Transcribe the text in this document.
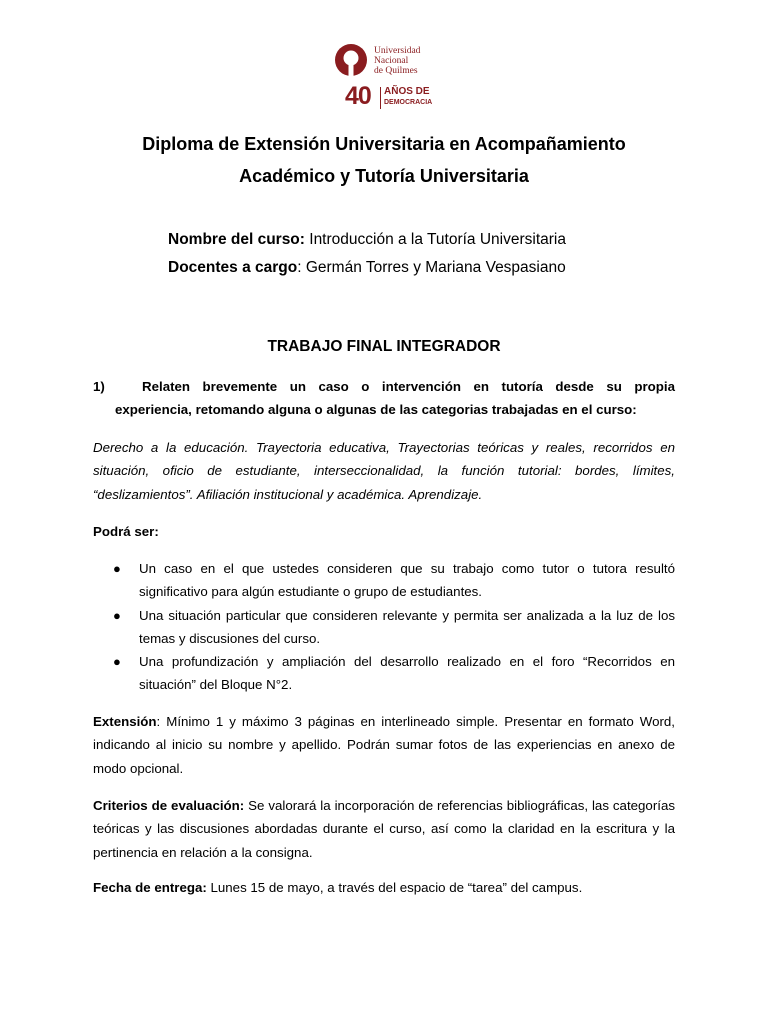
Universidad
Nacional
de Quilmes
40 AÑOS DE
DEMOCRACIA
Diploma de Extensión Universitaria en Acompañamiento
Académico y Tutoría Universitaria
Nombre del curso: Introducción a la Tutoría Universitaria
Docentes a cargo: Germán Torres y Mariana Vespasiano
TRABAJO FINAL INTEGRADOR
1)	Relaten brevemente un caso o intervención en tutoría desde su propia
experiencia, retomando alguna o algunas de las categorias trabajadas en el curso:
Derecho a la educación. Trayectoria educativa, Trayectorias teóricas y reales, recorridos en situación, oficio de estudiante, interseccionalidad, la función tutorial: bordes, límites, “deslizamientos”. Afiliación institucional y académica. Aprendizaje.
Podrá ser:
● Un caso en el que ustedes consideren que su trabajo como tutor o tutora resultó significativo para algún estudiante o grupo de estudiantes.
● Una situación particular que consideren relevante y permita ser analizada a la luz de los temas y discusiones del curso.
● Una profundización y ampliación del desarrollo realizado en el foro “Recorridos en situación” del Bloque N°2.
Extensión: Mínimo 1 y máximo 3 páginas en interlineado simple. Presentar en formato Word, indicando al inicio su nombre y apellido. Podrán sumar fotos de las experiencias en anexo de modo opcional.
Criterios de evaluación: Se valorará la incorporación de referencias bibliográficas, las categorías teóricas y las discusiones abordadas durante el curso, así como la claridad en la escritura y la pertinencia en relación a la consigna.
Fecha de entrega: Lunes 15 de mayo, a través del espacio de “tarea” del campus.
